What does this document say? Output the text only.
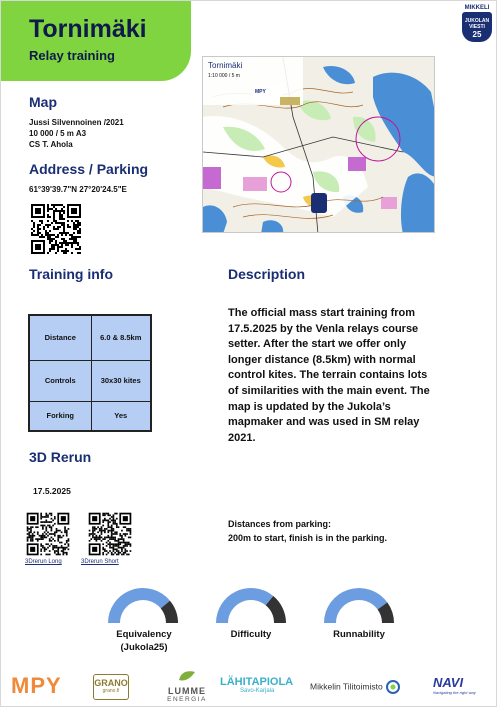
Tornimäki
Relay training
MIKKELI
JUKOLAN VIESTI
25
Map
Jussi Silvennoinen /2021
10 000 / 5 m A3
CS T. Ahola
Address / Parking
61°39'39.7"N 27°20'24.5"E
MPY
Tornimäki
1:10 000 / 5 m
Training info
Distance	6.0 & 8.5km
Controls	30x30 kites
Forking	Yes
Description
The official mass start training from 17.5.2025 by the Venla relays course setter. After the start we offer only longer distance (8.5km) with normal control kites. The terrain contains lots of similarities with the main event. The map is updated by the Jukola’s mapmaker and was used in SM relay 2021.
Distances from parking:
200m to start, finish is in the parking.
3D Rerun
17.5.2025
3Drerun Long	3Drerun Short
Equivalency (Jukola25)
Difficulty	Runnability
MPY	GRANO
grano.fi	LUMME
ENERGIA
LÄHITAPIOLA
Savo-Karjala	Mikkelin Tilitoimisto	NAVI
Navigating the right way
